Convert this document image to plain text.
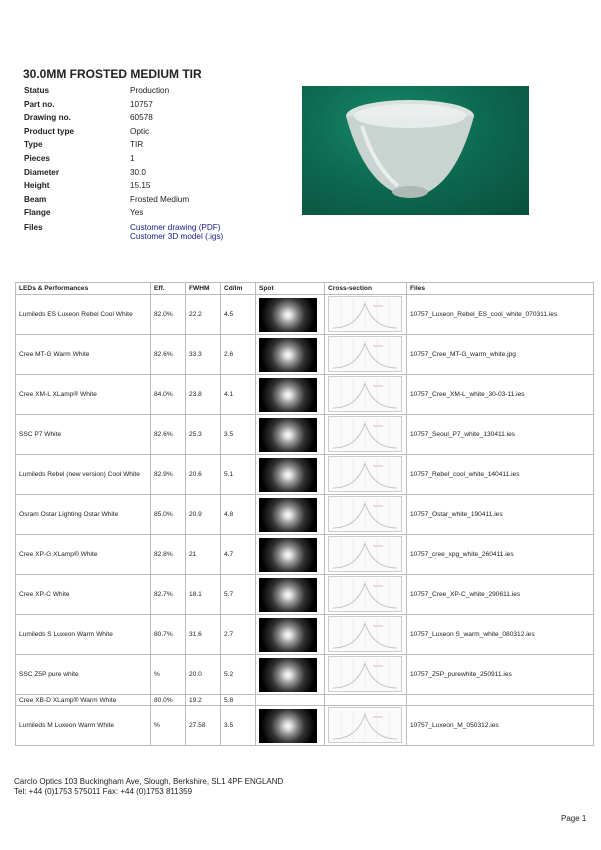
30.0MM FROSTED MEDIUM TIR
Status	Production
Part no.	10757
Drawing no.	60578
Product type	Optic
Type	TIR
Pieces	1
Diameter	30.0
Height	15.15
Beam	Frosted Medium
Flange	Yes
Files	Customer drawing (PDF)
Customer 3D model (.igs)
LEDs & Performances	Eff.	FWHM	Cd/lm	Spot	Cross-section	Files
Lumileds ES Luxeon Rebel Cool White	82.0%	22.2	4.5			10757_Luxeon_Rebel_ES_cool_white_070311.ies
Cree MT-G Warm White	82.6%	33.3	2.6			10757_Cree_MT-G_warm_white.jpg
Cree XM-L XLamp® White	84.0%	23.8	4.1			10757_Cree_XM-L_white_30-03-11.ies
SSC P7 White	82.6%	25.3	3.5			10757_Seoul_P7_white_130411.ies
Lumileds Rebel (new version) Cool White	82.9%	20.6	5.1			10757_Rebel_cool_white_140411.ies
Osram Ostar Lighting Ostar White	85.0%	20.9	4.8			10757_Ostar_white_190411.ies
Cree XP-G XLamp® White	82.8%	21	4.7			10757_cree_xpg_white_260411.ies
Cree XP-C White	82.7%	18.1	5.7			10757_Cree_XP-C_white_290611.ies
Lumileds S Luxeon Warm White	80.7%	31.6	2.7			10757_Luxeon S_warm_white_080312.ies
SSC Z5P pure white	%	20.0	5.2			10757_Z5P_purewhite_250911.ies
Cree XB-D XLamp® Warm White	80.0%	19.2	5.8			
Lumileds M Luxeon Warm White	%	27.58	3.5			10757_Luxeon_M_050312.ies
Carclo Optics 103 Buckingham Ave, Slough, Berkshire, SL1 4PF ENGLAND
Tel: +44 (0)1753 575011 Fax: +44 (0)1753 811359
Page 1
